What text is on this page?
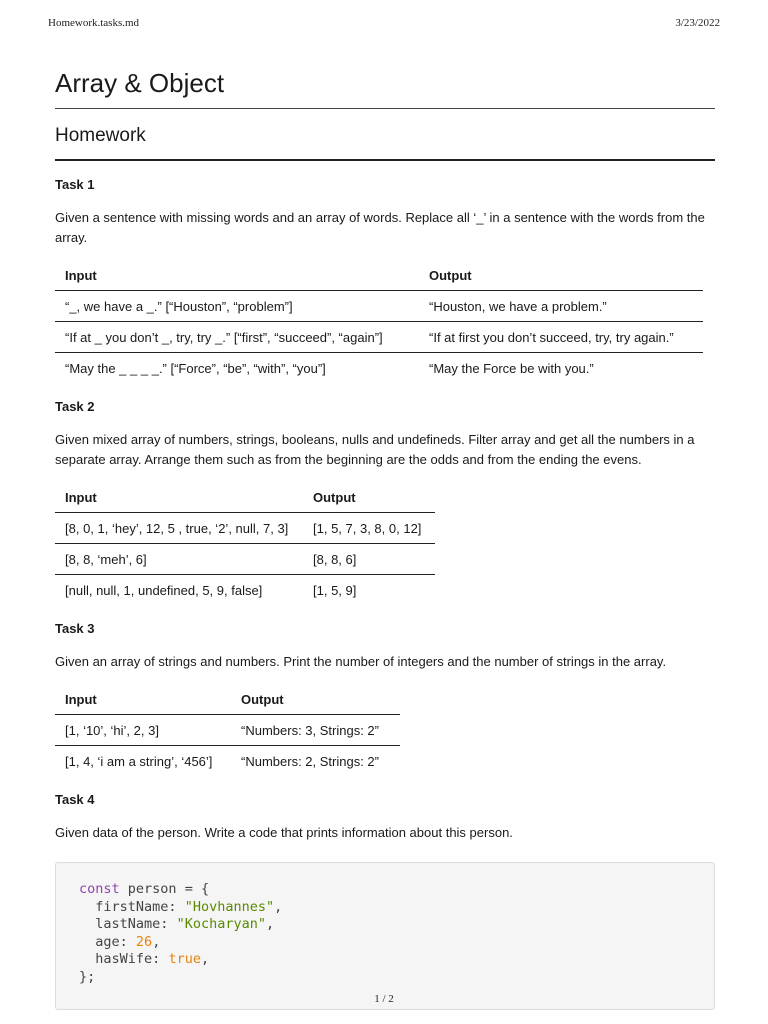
Homework.tasks.md	3/23/2022
Array & Object
Homework
Task 1
Given a sentence with missing words and an array of words. Replace all ‘_’ in a sentence with the words from the array.
Input	Output
“_, we have a _.” [“Houston”, “problem”]	“Houston, we have a problem.”
“If at _ you don’t _, try, try _.” [“first”, “succeed”, “again”]	“If at first you don’t succeed, try, try again.”
“May the _ _ _ _.” [“Force”, “be”, “with”, “you”]	“May the Force be with you.”
Task 2
Given mixed array of numbers, strings, booleans, nulls and undefineds. Filter array and get all the numbers in a separate array. Arrange them such as from the beginning are the odds and from the ending the evens.
Input	Output
[8, 0, 1, ‘hey’, 12, 5 , true, ‘2’, null, 7, 3]	[1, 5, 7, 3, 8, 0, 12]
[8, 8, ‘meh’, 6]	[8, 8, 6]
[null, null, 1, undefined, 5, 9, false]	[1, 5, 9]
Task 3
Given an array of strings and numbers. Print the number of integers and the number of strings in the array.
Input	Output
[1, ‘10’, ‘hi’, 2, 3]	“Numbers: 3, Strings: 2”
[1, 4, ‘i am a string’, ‘456’]	“Numbers: 2, Strings: 2”
Task 4
Given data of the person. Write a code that prints information about this person.
const person = {
firstName: "Hovhannes",
lastName: "Kocharyan",
age: 26,
hasWife: true,
};
1 / 2
